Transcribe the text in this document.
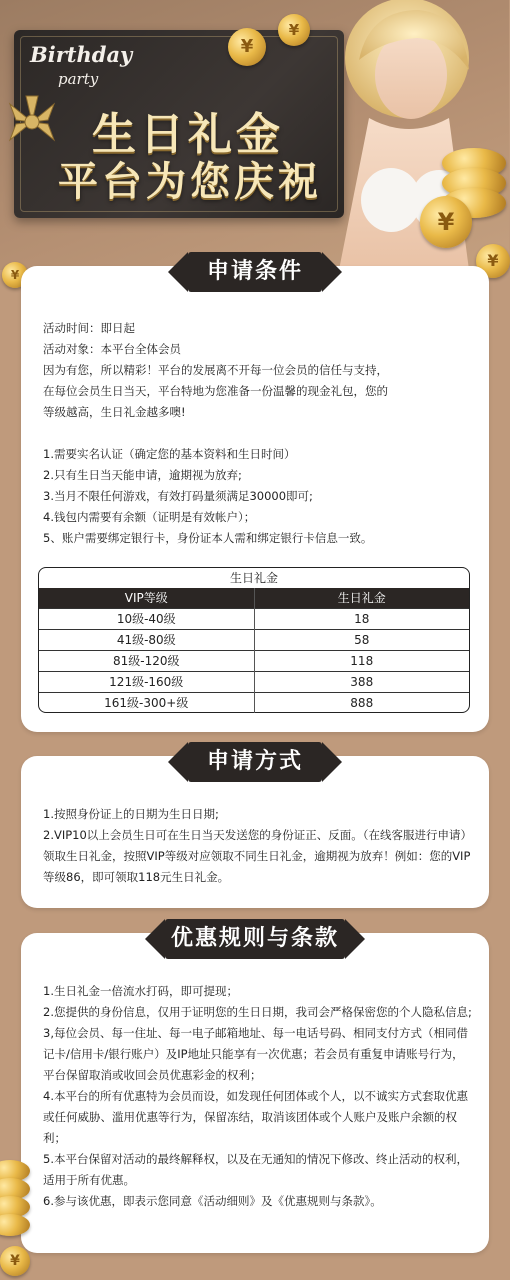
Birthday
party
生日礼金
平台为您庆祝
¥
¥
¥
¥
¥	申请条件

活动时间：即日起

活动对象：本平台全体会员

因为有您，所以精彩！平台的发展离不开每一位会员的信任与支持，

在每位会员生日当天，平台特地为您准备一份温馨的现金礼包，您的

等级越高，生日礼金越多噢!

1.需要实名认证（确定您的基本资料和生日时间）

2.只有生日当天能申请，逾期视为放弃;

3.当月不限任何游戏，有效打码量须满足30000即可;

4.钱包内需要有余额（证明是有效帐户）；

5、账户需要绑定银行卡，身份证本人需和绑定银行卡信息一致。

生日礼金
VIP等级	生日礼金
10级-40级	18
41级-80级	58
81级-120级	118
121级-160级	388
161级-300+级	888
申请方式

1.按照身份证上的日期为生日日期;

2.VIP10以上会员生日可在生日当天发送您的身份证正、反面。（在线客服进行申请）领取生日礼金，按照VIP等级对应领取不同生日礼金，逾期视为放弃！例如：您的VIP等级86，即可领取118元生日礼金。

优惠规则与条款

1.生日礼金一倍流水打码，即可提现；

2.您提供的身份信息，仅用于证明您的生日日期，我司会严格保密您的个人隐私信息;

3,每位会员、每一住址、每一电子邮箱地址、每一电话号码、相同支付方式（相同借记卡/信用卡/银行账户）及IP地址只能享有一次优惠；若会员有重复申请账号行为，平台保留取消或收回会员优惠彩金的权利；

4.本平台的所有优惠特为会员而设，如发现任何团体或个人，以不诚实方式套取优惠或任何威胁、滥用优惠等行为，保留冻结，取消该团体或个人账户及账户余额的权利；

5.本平台保留对活动的最终解释权，以及在无通知的情况下修改、终止活动的权利，适用于所有优惠。

6.参与该优惠，即表示您同意《活动细则》及《优惠规则与条款》。

¥
